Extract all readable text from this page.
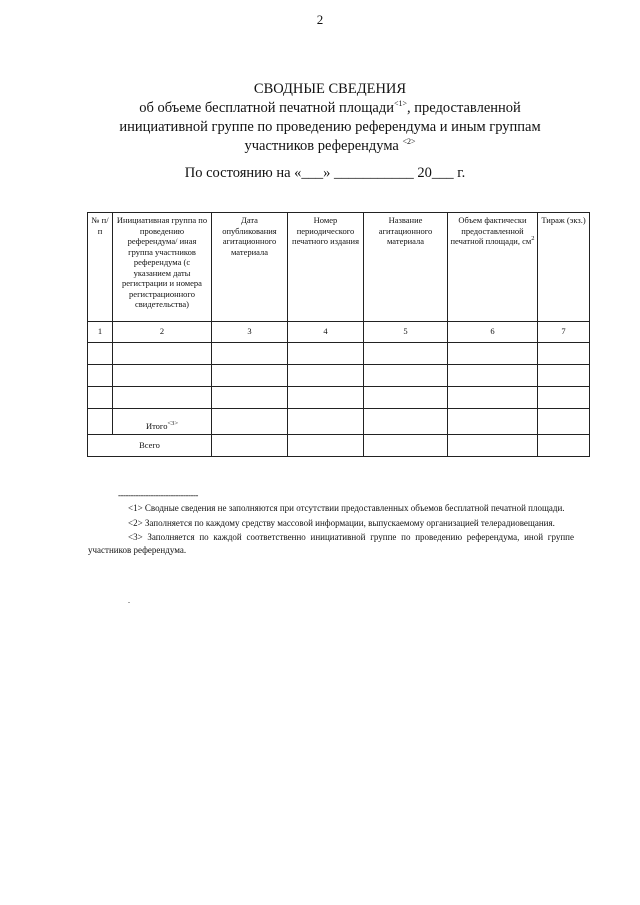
2
СВОДНЫЕ СВЕДЕНИЯ
об объеме бесплатной печатной площади$^{<1>}$, предоставленной
инициативной группе по проведению референдума и иным группам
участников референдума $^{<2>}$
По состоянию на «___» ___________ 20___ г.
№ п/п	Инициативная группа по проведению референдума/ иная группа участников референдума (с указанием даты регистрации и номера регистрационного свидетельства)	Дата опубликования агитационного материала	Номер периодического печатного издания	Название агитационного материала	Объем фактически предоставленной печатной площади, $см^2$	Тираж (экз.)
1	2	3	4	5	6	7

	Итого$^{<3>}$					
Всего						
--------------------------------

<1> Сводные сведения не заполняются при отсутствии предоставленных объемов бесплатной печатной площади.

<2> Заполняется по каждому средству массовой информации, выпускаемому организацией телерадиовещания.

<3> Заполняется по каждой соответственно инициативной группе по проведению референдума, иной группе участников референдума.

.
